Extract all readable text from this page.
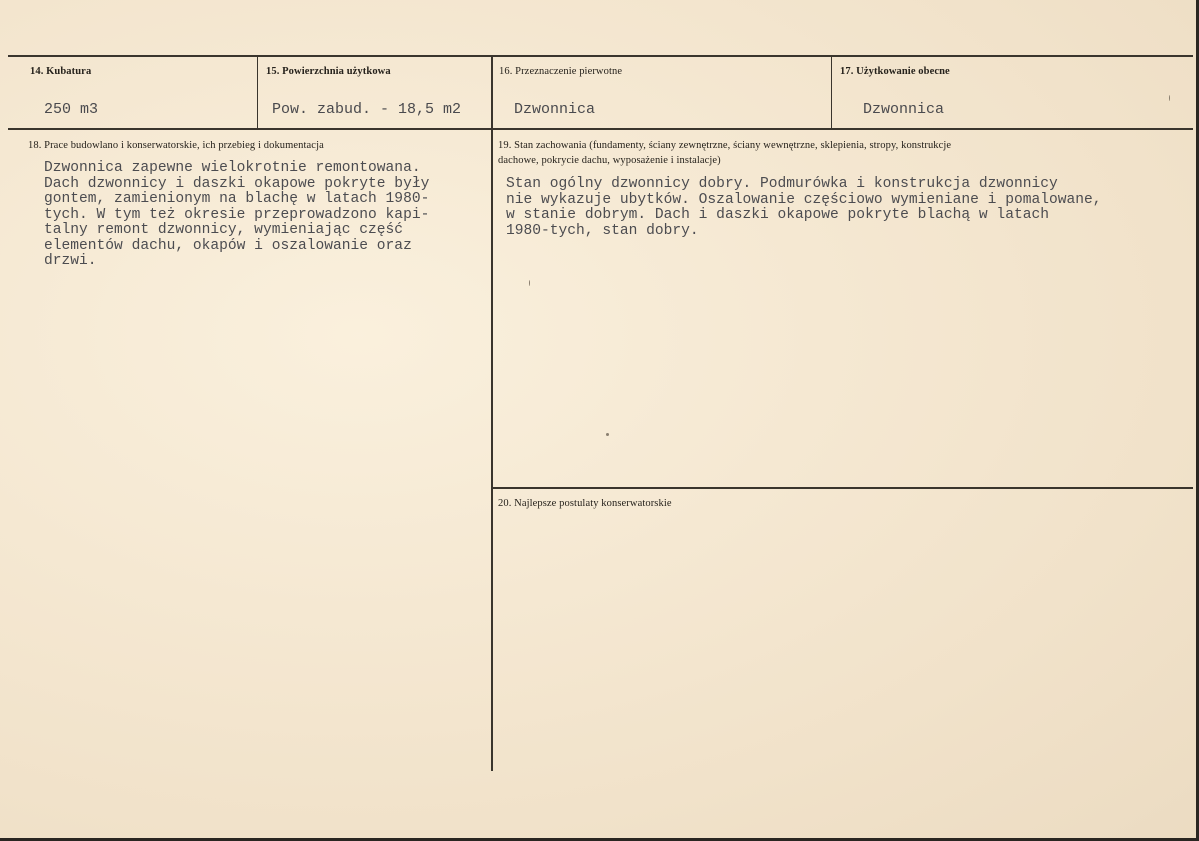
14. Kubatura	15. Powierzchnia użytkowa	16. Przeznaczenie pierwotne	17. Użytkowanie obecne
250 m3	Pow. zabud. - 18,5 m2	Dzwonnica	Dzwonnica
18. Prace budowlano i konserwatorskie, ich przebieg i dokumentacja
Dzwonnica zapewne wielokrotnie remontowana.
Dach dzwonnicy i daszki okapowe pokryte były
gontem, zamienionym na blachę w latach 1980-
tych. W tym też okresie przeprowadzono kapi-
talny remont dzwonnicy, wymieniając część
elementów dachu, okapów i oszalowanie oraz
drzwi.
19. Stan zachowania (fundamenty, ściany zewnętrzne, ściany wewnętrzne, sklepienia, stropy, konstrukcje
dachowe, pokrycie dachu, wyposażenie i instalacje)
Stan ogólny dzwonnicy dobry. Podmurówka i konstrukcja dzwonnicy
nie wykazuje ubytków. Oszalowanie częściowo wymieniane i pomalowane,
w stanie dobrym. Dach i daszki okapowe pokryte blachą w latach
1980-tych, stan dobry.
20. Najlepsze postulaty konserwatorskie
